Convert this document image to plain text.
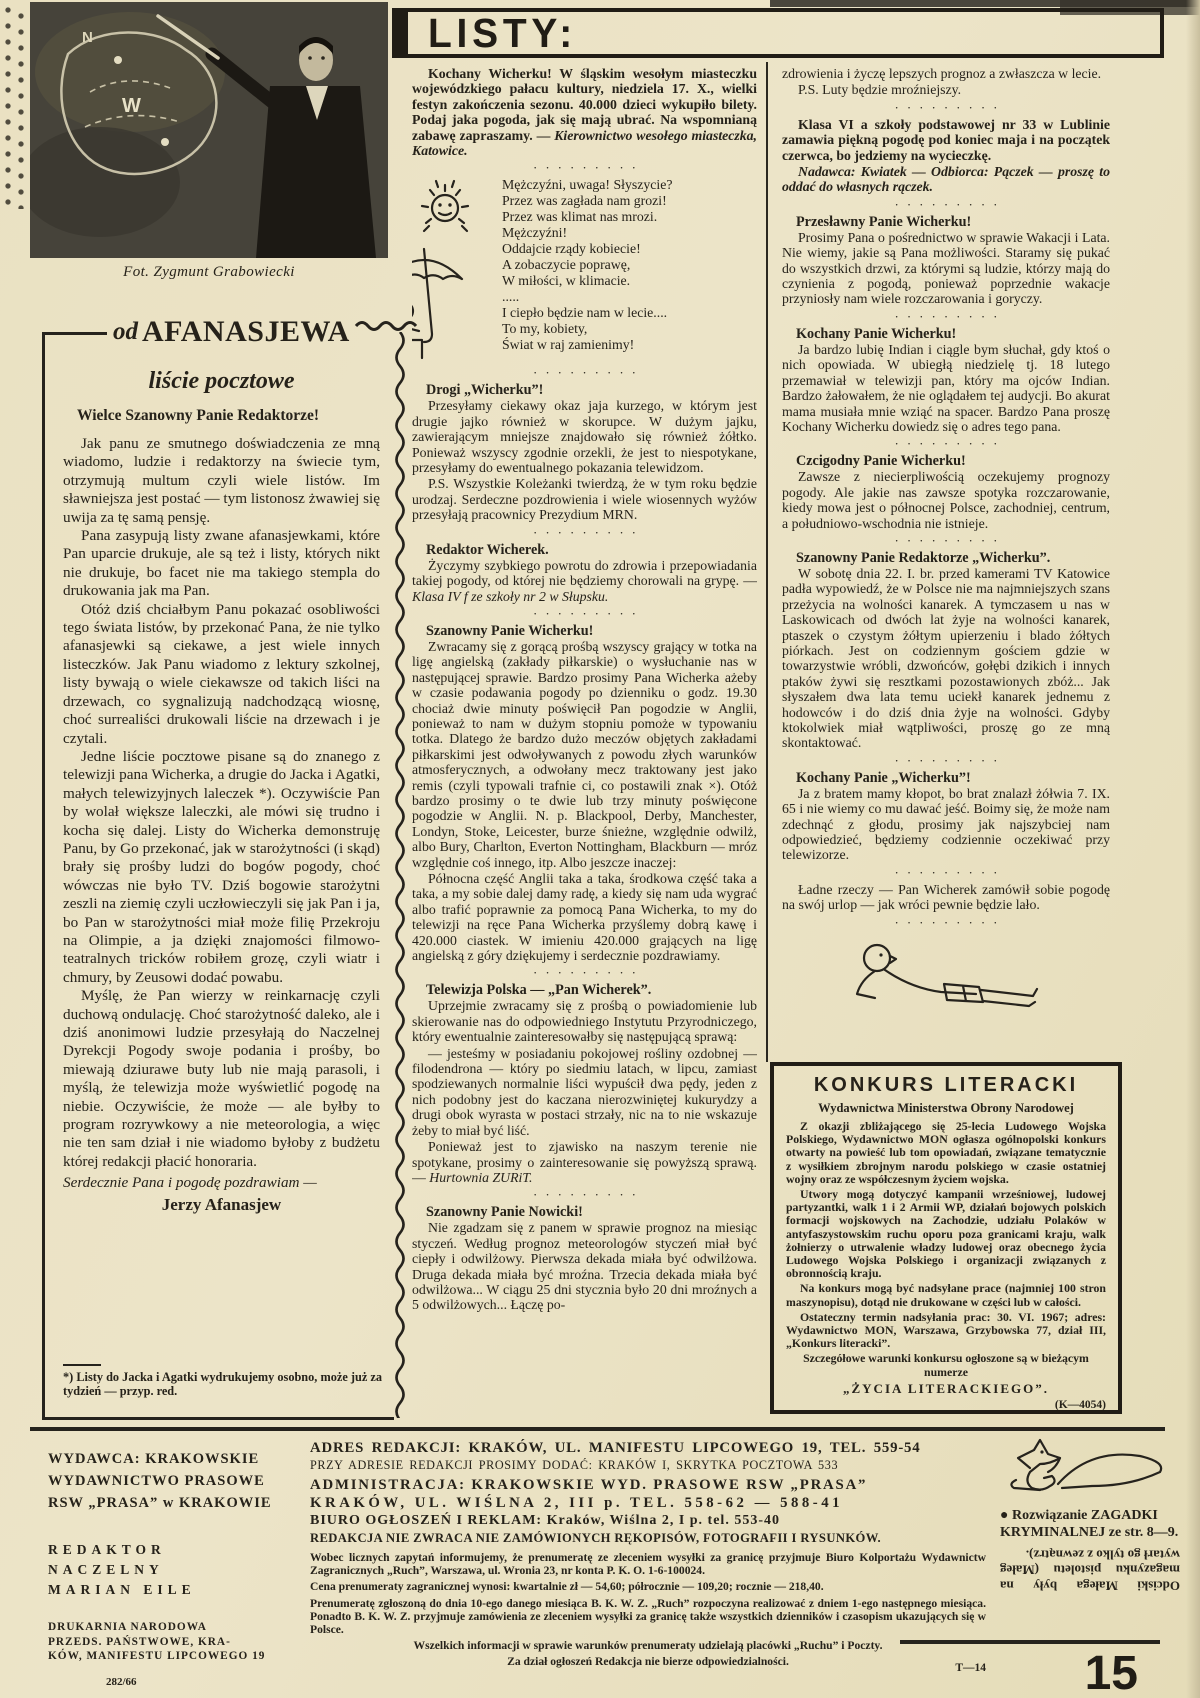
W
N
Fot. Zygmunt Grabowiecki
LISTY:

Kochany Wicherku! W śląskim wesołym miasteczku wojewódzkiego pałacu kultury, niedziela 17. X., wielki festyn zakończenia sezonu. 40.000 dzieci wykupiło bilety. Podaj jaka pogoda, jak się mają ubrać. Na wspomnianą zabawę zapraszamy. — Kierownictwo wesołego miasteczka, Katowice.

·········
Mężczyźni, uwaga! Słyszycie?
Przez was zagłada nam grozi!
Przez was klimat nas mrozi.
Mężczyźni!
Oddajcie rządy kobiecie!
A zobaczycie poprawę,
W miłości, w klimacie.
.....
I ciepło będzie nam w lecie....
To my, kobiety,
Świat w raj zamienimy!
·········

Drogi „Wicherku”!

Przesyłamy ciekawy okaz jaja kurzego, w którym jest drugie jajko również w skorupce. W dużym jajku, zawierającym mniejsze znajdowało się również żółtko. Ponieważ wszyscy zgodnie orzekli, że jest to niespotykane, przesyłamy do ewentualnego pokazania telewidzom.

P.S. Wszystkie Koleżanki twierdzą, że w tym roku będzie urodzaj. Serdeczne pozdrowienia i wiele wiosennych wyżów przesyłają pracownicy Prezydium MRN.

·········

Redaktor Wicherek.

Życzymy szybkiego powrotu do zdrowia i przepowiadania takiej pogody, od której nie będziemy chorowali na grypę. — Klasa IV f ze szkoły nr 2 w Słupsku.

·········

Szanowny Panie Wicherku!

Zwracamy się z gorącą prośbą wszyscy grający w totka na ligę angielską (zakłady piłkarskie) o wysłuchanie nas w następującej sprawie. Bardzo prosimy Pana Wicherka ażeby w czasie podawania pogody po dzienniku o godz. 19.30 chociaż dwie minuty poświęcił Pan pogodzie w Anglii, ponieważ to nam w dużym stopniu pomoże w typowaniu totka. Dlatego że bardzo dużo meczów objętych zakładami piłkarskimi jest odwoływanych z powodu złych warunków atmosferycznych, a odwołany mecz traktowany jest jako remis (czyli typowali trafnie ci, co postawili znak ×). Otóż bardzo prosimy o te dwie lub trzy minuty poświęcone pogodzie w Anglii. N. p. Blackpool, Derby, Manchester, Londyn, Stoke, Leicester, burze śnieżne, względnie odwilż, albo Bury, Charlton, Everton Nottingham, Blackburn — mróz względnie coś innego, itp. Albo jeszcze inaczej:

Północna część Anglii taka a taka, środkowa część taka a taka, a my sobie dalej damy radę, a kiedy się nam uda wygrać albo trafić poprawnie za pomocą Pana Wicherka, to my do telewizji na ręce Pana Wicherka przyślemy dobrą kawę i 420.000 ciastek. W imieniu 420.000 grających na ligę angielską z góry dziękujemy i serdecznie pozdrawiamy.

·········

Telewizja Polska — „Pan Wicherek”.

Uprzejmie zwracamy się z prośbą o powiadomienie lub skierowanie nas do odpowiedniego Instytutu Przyrodniczego, który ewentualnie zainteresowałby się następującą sprawą:

— jesteśmy w posiadaniu pokojowej rośliny ozdobnej — filodendrona — który po siedmiu latach, w lipcu, zamiast spodziewanych normalnie liści wypuścił dwa pędy, jeden z nich podobny jest do kaczana nierozwiniętej kukurydzy a drugi obok wyrasta w postaci strzały, nic na to nie wskazuje żeby to miał być liść.

Ponieważ jest to zjawisko na naszym terenie nie spotykane, prosimy o zainteresowanie się powyższą sprawą. — Hurtownia ZURiT.

·········

Szanowny Panie Nowicki!

Nie zgadzam się z panem w sprawie prognoz na miesiąc styczeń. Według prognoz meteorologów styczeń miał być ciepły i odwilżowy. Pierwsza dekada miała być odwilżowa. Druga dekada miała być mroźna. Trzecia dekada miała być odwilżowa... W ciągu 25 dni stycznia było 20 dni mroźnych a 5 odwilżowych... Łączę po-

zdrowienia i życzę lepszych prognoz a zwłaszcza w lecie.

P.S. Luty będzie mroźniejszy.

·········

Klasa VI a szkoły podstawowej nr 33 w Lublinie zamawia piękną pogodę pod koniec maja i na początek czerwca, bo jedziemy na wycieczkę.

Nadawca: Kwiatek — Odbiorca: Pączek — proszę to oddać do własnych rączek.

·········

Przesławny Panie Wicherku!

Prosimy Pana o pośrednictwo w sprawie Wakacji i Lata. Nie wiemy, jakie są Pana możliwości. Staramy się pukać do wszystkich drzwi, za którymi są ludzie, którzy mają do czynienia z pogodą, ponieważ poprzednie wakacje przyniosły nam wiele rozczarowania i goryczy.

·········

Kochany Panie Wicherku!

Ja bardzo lubię Indian i ciągle bym słuchał, gdy ktoś o nich opowiada. W ubiegłą niedzielę tj. 18 lutego przemawiał w telewizji pan, który ma ojców Indian. Bardzo żałowałem, że nie oglądałem tej audycji. Bo akurat mama musiała mnie wziąć na spacer. Bardzo Pana proszę Kochany Wicherku dowiedz się o adres tego pana.

·········

Czcigodny Panie Wicherku!

Zawsze z niecierpliwością oczekujemy prognozy pogody. Ale jakie nas zawsze spotyka rozczarowanie, kiedy mowa jest o północnej Polsce, zachodniej, centrum, a południowo-wschodnia nie istnieje.

·········

Szanowny Panie Redaktorze „Wicherku”.

W sobotę dnia 22. I. br. przed kamerami TV Katowice padła wypowiedź, że w Polsce nie ma najmniejszych szans przeżycia na wolności kanarek. A tymczasem u nas w Laskowicach od dwóch lat żyje na wolności kanarek, ptaszek o czystym żółtym upierzeniu i blado żółtych piórkach. Jest on codziennym gościem gdzie w towarzystwie wróbli, dzwońców, gołębi dzikich i innych ptaków żywi się resztkami pozostawionych zbóż... Jak słyszałem dwa lata temu uciekł kanarek jednemu z hodowców i do dziś dnia żyje na wolności. Gdyby ktokolwiek miał wątpliwości, proszę go ze mną skontaktować.

·········

Kochany Panie „Wicherku”!

Ja z bratem mamy kłopot, bo brat znalazł żółwia 7. IX. 65 i nie wiemy co mu dawać jeść. Boimy się, że może nam zdechnąć z głodu, prosimy jak najszybciej nam odpowiedzieć, będziemy codziennie oczekiwać przy telewizorze.

·········

Ładne rzeczy — Pan Wicherek zamówił sobie pogodę na swój urlop — jak wróci pewnie będzie lało.

·········
od AFANASJEWA
liście pocztowe
Wielce Szanowny Panie Redaktorze!

Jak panu ze smutnego doświadczenia ze mną wiadomo, ludzie i redaktorzy na świecie tym, otrzymują multum czyli wiele listów. Im sławniejsza jest postać — tym listonosz żwawiej się uwija za tę samą pensję.

Pana zasypują listy zwane afanasjewkami, które Pan uparcie drukuje, ale są też i listy, których nikt nie drukuje, bo facet nie ma takiego stempla do drukowania jak ma Pan.

Otóż dziś chciałbym Panu pokazać osobliwości tego świata listów, by przekonać Pana, że nie tylko afanasjewki są ciekawe, a jest wiele innych listeczków. Jak Panu wiadomo z lektury szkolnej, listy bywają o wiele ciekawsze od takich liści na drzewach, co sygnalizują nadchodzącą wiosnę, choć surrealiści drukowali liście na drzewach i je czytali.

Jedne liście pocztowe pisane są do znanego z telewizji pana Wicherka, a drugie do Jacka i Agatki, małych telewizyjnych laleczek *). Oczywiście Pan by wolał większe laleczki, ale mówi się trudno i kocha się dalej. Listy do Wicherka demonstruję Panu, by Go przekonać, jak w starożytności (i skąd) brały się prośby ludzi do bogów pogody, choć wówczas nie było TV. Dziś bogowie starożytni zeszli na ziemię czyli uczłowieczyli się jak Pan i ja, bo Pan w starożytności miał może filię Przekroju na Olimpie, a ja dzięki znajomości filmowo-teatralnych tricków robiłem grozę, czyli wiatr i chmury, by Zeusowi dodać powabu.

Myślę, że Pan wierzy w reinkarnację czyli duchową ondulację. Choć starożytność daleko, ale i dziś anonimowi ludzie przesyłają do Naczelnej Dyrekcji Pogody swoje podania i prośby, bo miewają dziurawe buty lub nie mają parasoli, i myślą, że telewizja może wyświetlić pogodę na niebie. Oczywiście, że może — ale byłby to program rozrywkowy a nie meteorologia, a więc nie ten sam dział i nie wiadomo byłoby z budżetu której redakcji płacić honoraria.

Serdecznie Pana i pogodę pozdrawiam —

Jerzy Afanasjew

*) Listy do Jacka i Agatki wydrukujemy osobno, może już za tydzień — przyp. red.

KONKURS LITERACKI
Wydawnictwa Ministerstwa Obrony Narodowej

Z okazji zbliżającego się 25-lecia Ludowego Wojska Polskiego, Wydawnictwo MON ogłasza ogólnopolski konkurs otwarty na powieść lub tom opowiadań, związane tematycznie z wysiłkiem zbrojnym narodu polskiego w czasie ostatniej wojny oraz ze współczesnym życiem wojska.

Utwory mogą dotyczyć kampanii wrześniowej, ludowej partyzantki, walk 1 i 2 Armii WP, działań bojowych polskich formacji wojskowych na Zachodzie, udziału Polaków w antyfaszystowskim ruchu oporu poza granicami kraju, walk żołnierzy o utrwalenie władzy ludowej oraz obecnego życia Ludowego Wojska Polskiego i organizacji związanych z obronnością kraju.

Na konkurs mogą być nadsyłane prace (najmniej 100 stron maszynopisu), dotąd nie drukowane w części lub w całości.

Ostateczny termin nadsyłania prac: 30. VI. 1967; adres: Wydawnictwo MON, Warszawa, Grzybowska 77, dział III, „Konkurs literacki”.

Szczegółowe warunki konkursu ogłoszone są w bieżącym numerze

„ŻYCIA LITERACKIEGO”.
(K—4054)
WYDAWCA: KRAKOWSKIE
WYDAWNICTWO PRASOWE
RSW „PRASA” w KRAKOWIE
REDAKTOR NACZELNY
MARIAN EILE
DRUKARNIA NARODOWA
PRZEDS. PAŃSTWOWE, KRA-
KÓW, MANIFESTU LIPCOWEGO 19
282/66
ADRES REDAKCJI: KRAKÓW, UL. MANIFESTU LIPCOWEGO 19, TEL. 559-54
PRZY ADRESIE REDAKCJI PROSIMY DODAĆ: KRAKÓW I, SKRYTKA POCZTOWA 533
ADMINISTRACJA: KRAKOWSKIE WYD. PRASOWE RSW „PRASA”
KRAKÓW, UL. WIŚLNA 2, III p. TEL. 558-62 — 588-41
BIURO OGŁOSZEŃ I REKLAM: Kraków, Wiślna 2, I p. tel. 553-40
REDAKCJA NIE ZWRACA NIE ZAMÓWIONYCH RĘKOPISÓW, FOTOGRAFII I RYSUNKÓW.

Wobec licznych zapytań informujemy, że prenumeratę ze zleceniem wysyłki za granicę przyjmuje Biuro Kolportażu Wydawnictw Zagranicznych „Ruch”, Warszawa, ul. Wronia 23, nr konta P. K. O. 1-6-100024.

Cena prenumeraty zagranicznej wynosi: kwartalnie zł — 54,60; półrocznie — 109,20; rocznie — 218,40.

Prenumeratę zgłoszoną do dnia 10-ego danego miesiąca B. K. W. Z. „Ruch” rozpoczyna realizować z dniem 1-ego następnego miesiąca. Ponadto B. K. W. Z. przyjmuje zamówienia ze zleceniem wysyłki za granicę także wszystkich dzienników i czasopism ukazujących się w Polsce.

Wszelkich informacji w sprawie warunków prenumeraty udzielają placówki „Ruchu” i Poczty.

Za dział ogłoszeń Redakcja nie bierze odpowiedzialności.	T—14
● Rozwiązanie ZAGADKI KRYMINALNEJ ze str. 8—9.
Odciski Małega były na magazynku pistoletu (Małeg wytarł go tylko z zewnątrz).
15
